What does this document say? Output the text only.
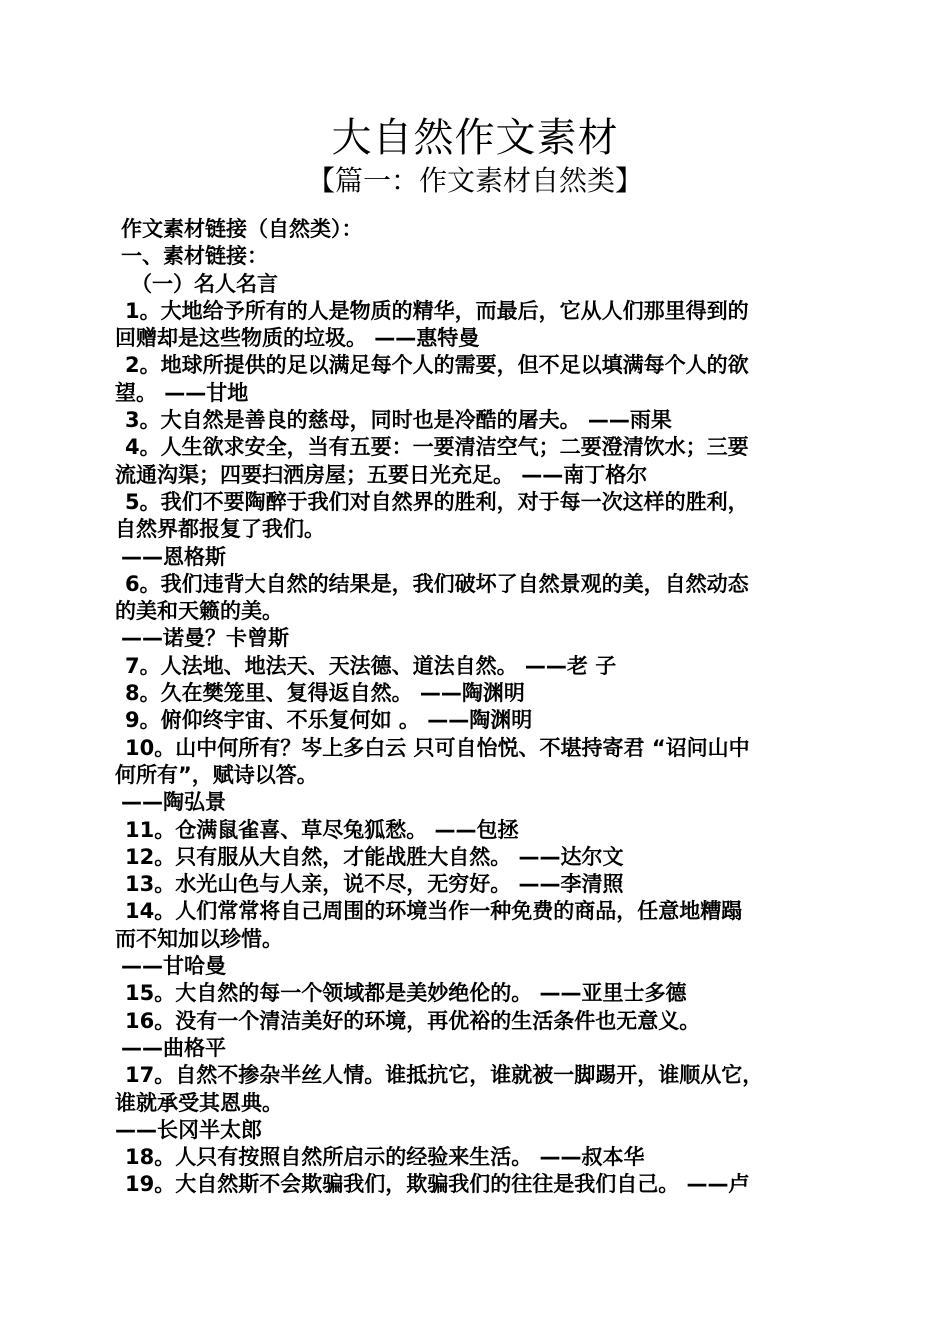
大自然作文素材
【篇一：作文素材自然类】
作文素材链接（自然类）：
一、素材链接：
（一）名人名言
1。大地给予所有的人是物质的精华，而最后，它从人们那里得到的
回赠却是这些物质的垃圾。 ——惠特曼
2。地球所提供的足以满足每个人的需要，但不足以填满每个人的欲
望。 ——甘地
3。大自然是善良的慈母，同时也是冷酷的屠夫。 ——雨果
4。人生欲求安全，当有五要：一要清洁空气；二要澄清饮水；三要
流通沟渠；四要扫洒房屋；五要日光充足。 ——南丁格尔
5。我们不要陶醉于我们对自然界的胜利，对于每一次这样的胜利，
自然界都报复了我们。
——恩格斯
6。我们违背大自然的结果是，我们破坏了自然景观的美，自然动态
的美和天籁的美。
——诺曼？卡曾斯
7。人法地、地法天、天法德、道法自然。 ——老 子
8。久在樊笼里、复得返自然。 ——陶渊明
9。俯仰终宇宙、不乐复何如 。 ——陶渊明
10。山中何所有？岑上多白云 只可自怡悦、不堪持寄君 “诏问山中
何所有”，赋诗以答。
——陶弘景
11。仓满鼠雀喜、草尽兔狐愁。 ——包拯
12。只有服从大自然，才能战胜大自然。 ——达尔文
13。水光山色与人亲，说不尽，无穷好。 ——李清照
14。人们常常将自己周围的环境当作一种免费的商品，任意地糟蹋
而不知加以珍惜。
——甘哈曼
15。大自然的每一个领域都是美妙绝伦的。 ——亚里士多德
16。没有一个清洁美好的环境，再优裕的生活条件也无意义。
——曲格平
17。自然不掺杂半丝人情。谁抵抗它，谁就被一脚踢开，谁顺从它，
谁就承受其恩典。
——长冈半太郎
18。人只有按照自然所启示的经验来生活。 ——叔本华
19。大自然斯不会欺骗我们，欺骗我们的往往是我们自己。 ——卢
